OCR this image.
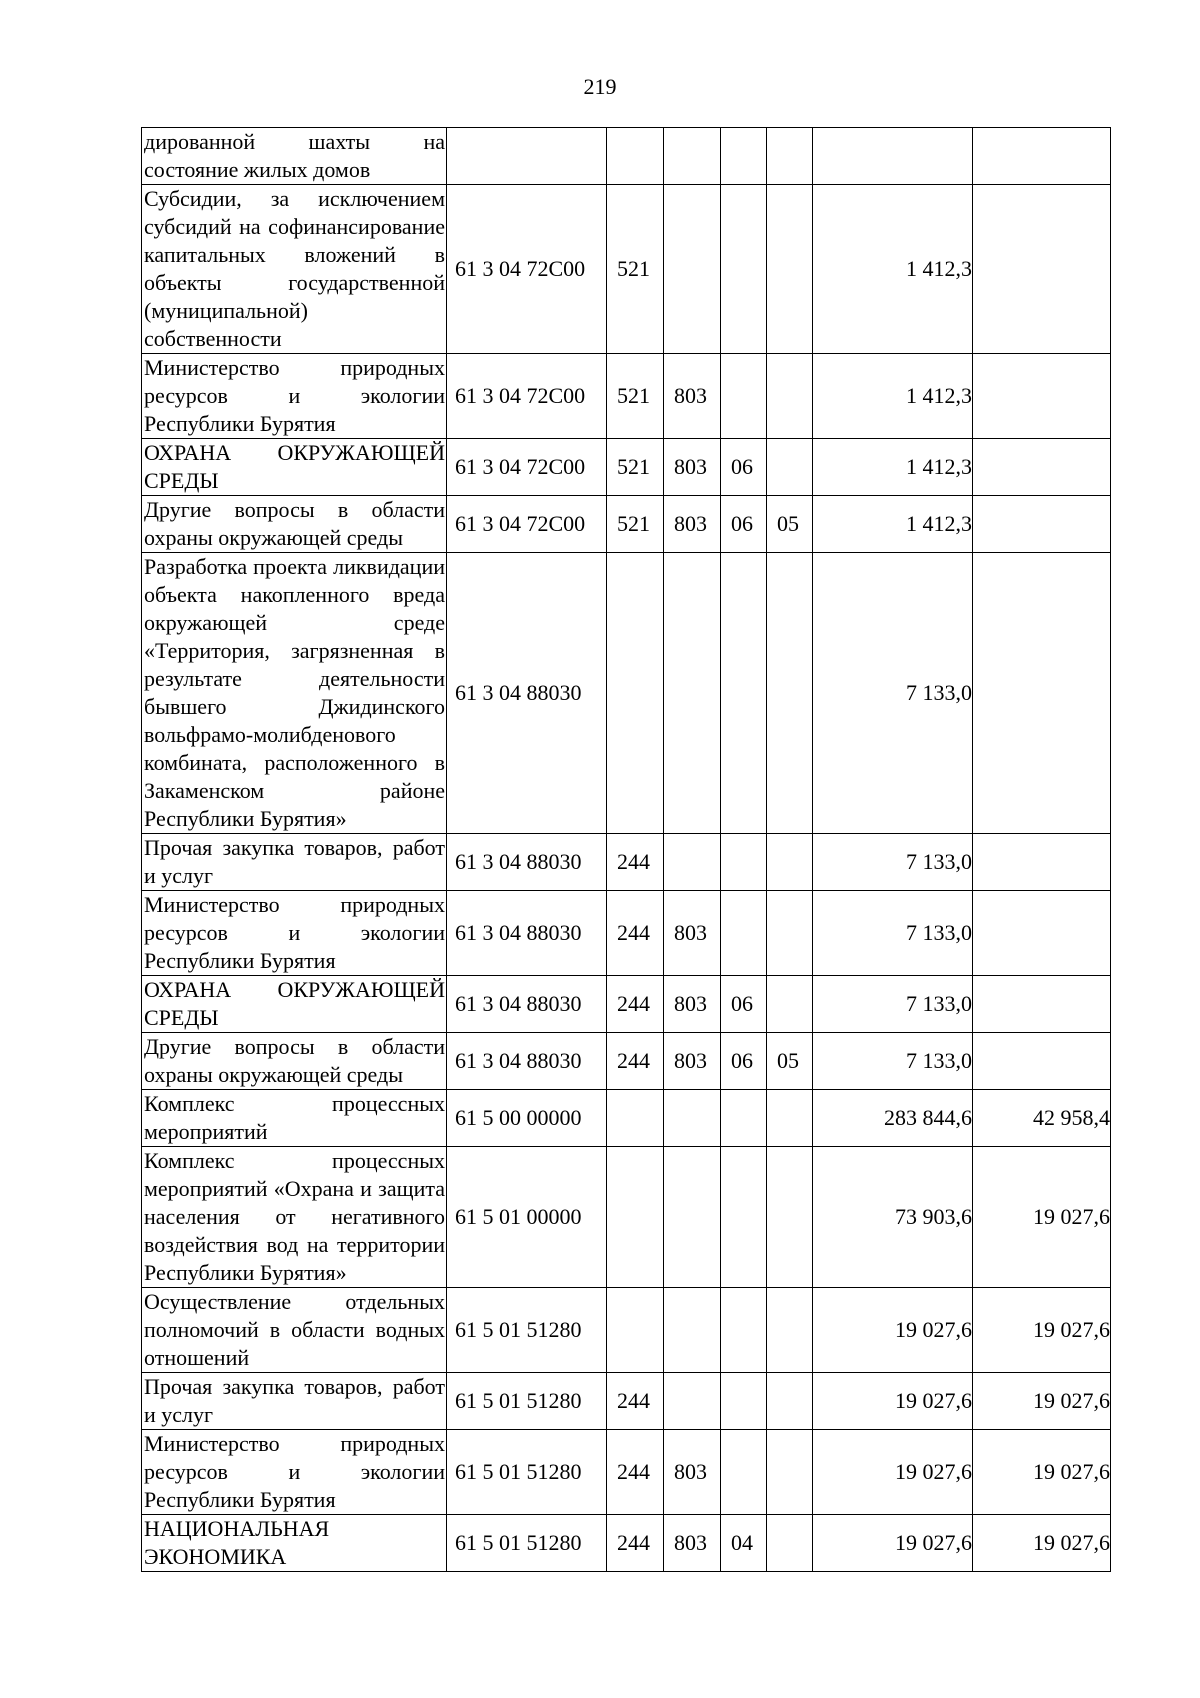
219
дированной шахты на состояние жилых домов							
Субсидии, за исключением субсидий на софинансирование капитальных вложений в объекты государственной (муниципальной) собственности	61 3 04 72С00	521				1 412,3	
Министерство природных ресурсов и экологии Республики Бурятия	61 3 04 72С00	521	803			1 412,3	
ОХРАНА ОКРУЖАЮЩЕЙ СРЕДЫ	61 3 04 72С00	521	803	06		1 412,3	
Другие вопросы в области охраны окружающей среды	61 3 04 72С00	521	803	06	05	1 412,3	
Разработка проекта ликвидации объекта накопленного вреда окружающей среде «Территория, загрязненная в результате деятельности бывшего Джидинского вольфрамо-молибденового комбината, расположенного в Закаменском районе Республики Бурятия»	61 3 04 88030					7 133,0	
Прочая закупка товаров, работ и услуг	61 3 04 88030	244				7 133,0	
Министерство природных ресурсов и экологии Республики Бурятия	61 3 04 88030	244	803			7 133,0	
ОХРАНА ОКРУЖАЮЩЕЙ СРЕДЫ	61 3 04 88030	244	803	06		7 133,0	
Другие вопросы в области охраны окружающей среды	61 3 04 88030	244	803	06	05	7 133,0	
Комплекс процессных мероприятий	61 5 00 00000					283 844,6	42 958,4
Комплекс процессных мероприятий «Охрана и защита населения от негативного воздействия вод на территории Республики Бурятия»	61 5 01 00000					73 903,6	19 027,6
Осуществление отдельных полномочий в области водных отношений	61 5 01 51280					19 027,6	19 027,6
Прочая закупка товаров, работ и услуг	61 5 01 51280	244				19 027,6	19 027,6
Министерство природных ресурсов и экологии Республики Бурятия	61 5 01 51280	244	803			19 027,6	19 027,6
НАЦИОНАЛЬНАЯ ЭКОНОМИКА	61 5 01 51280	244	803	04		19 027,6	19 027,6
